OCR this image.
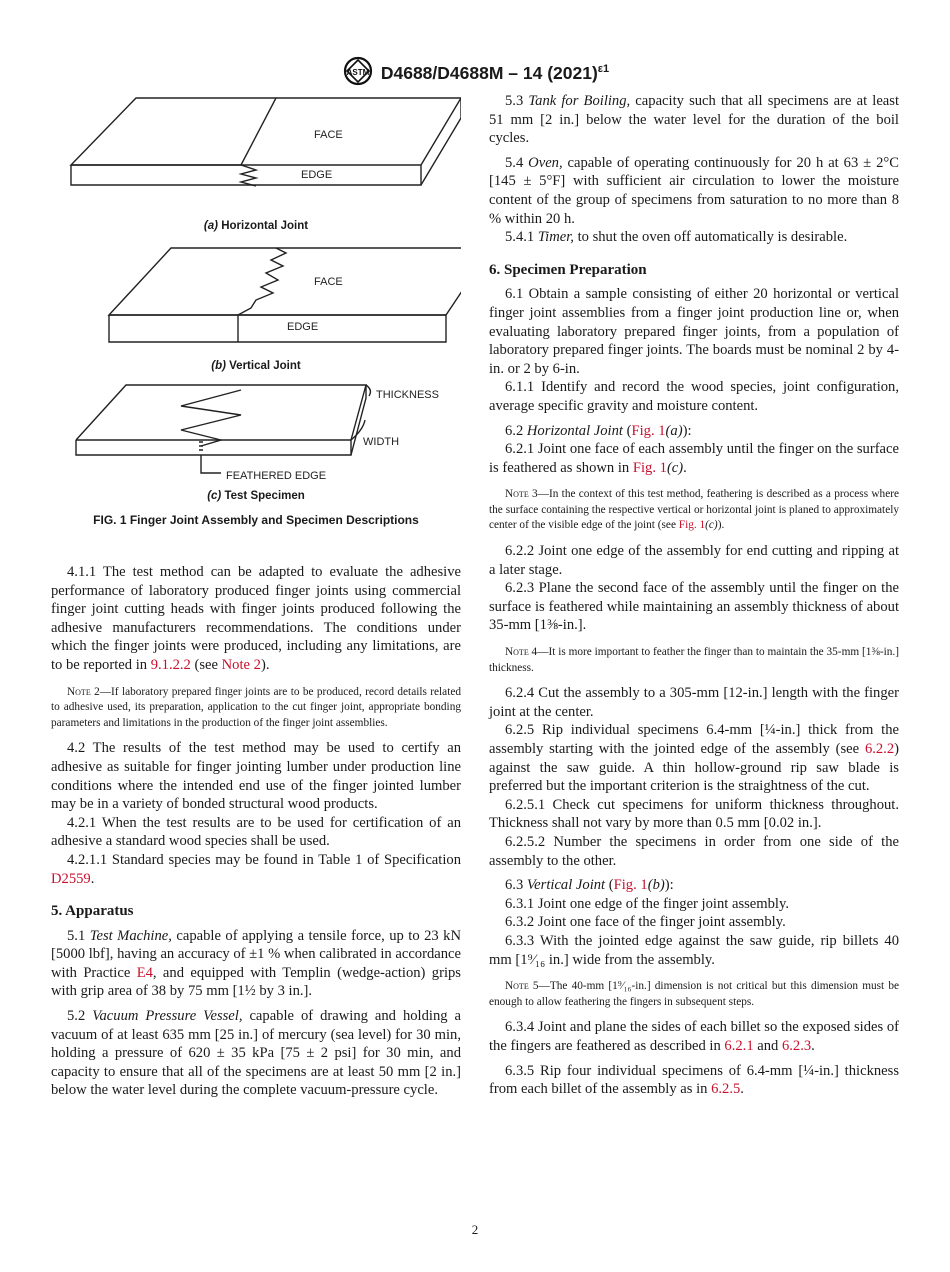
ASTM D4688/D4688M – 14 $(2021)^{\varepsilon 1}$
FACE
EDGE
FACE
EDGE
THICKNESS
WIDTH
FEATHERED EDGE
(a) Horizontal Joint
(b) Vertical Joint
(c) Test Specimen
FIG. 1 Finger Joint Assembly and Specimen Descriptions

4.1.1 The test method can be adapted to evaluate the adhesive performance of laboratory produced finger joints using commercial finger joint cutting heads with finger joints produced following the adhesive manufacturers recommendations. The conditions under which the finger joints were produced, including any limitations, are to be reported in 9.1.2.2 (see Note 2).

Note 2—If laboratory prepared finger joints are to be produced, record details related to adhesive used, its preparation, application to the cut finger joint, appropriate bonding parameters and limitations in the production of the finger joint assemblies.

4.2 The results of the test method may be used to certify an adhesive as suitable for finger jointing lumber under production line conditions where the intended end use of the finger jointed lumber may be in a variety of bonded structural wood products.

4.2.1 When the test results are to be used for certification of an adhesive a standard wood species shall be used.

4.2.1.1 Standard species may be found in Table 1 of Specification D2559.

5. Apparatus

5.1 Test Machine, capable of applying a tensile force, up to 23 kN [5000 lbf], having an accuracy of ±1 % when calibrated in accordance with Practice E4, and equipped with Templin (wedge-action) grips with grip area of 38 by 75 mm [1½ by 3 in.].

5.2 Vacuum Pressure Vessel, capable of drawing and holding a vacuum of at least 635 mm [25 in.] of mercury (sea level) for 30 min, holding a pressure of 620 ± 35 kPa [75 ± 2 psi] for 30 min, and capacity to ensure that all of the specimens are at least 50 mm [2 in.] below the water level during the complete vacuum-pressure cycle.

5.3 Tank for Boiling, capacity such that all specimens are at least 51 mm [2 in.] below the water level for the duration of the boil cycles.

5.4 Oven, capable of operating continuously for 20 h at 63 ± 2°C [145 ± 5°F] with sufficient air circulation to lower the moisture content of the group of specimens from saturation to no more than 8 % within 20 h.

5.4.1 Timer, to shut the oven off automatically is desirable.

6. Specimen Preparation

6.1 Obtain a sample consisting of either 20 horizontal or vertical finger joint assemblies from a finger joint production line or, when evaluating laboratory prepared finger joints, from a population of laboratory prepared finger joints. The boards must be nominal 2 by 4-in. or 2 by 6-in.

6.1.1 Identify and record the wood species, joint configuration, average specific gravity and moisture content.

6.2 Horizontal Joint (Fig. 1(a)):

6.2.1 Joint one face of each assembly until the finger on the surface is feathered as shown in Fig. 1(c).

Note 3—In the context of this test method, feathering is described as a process where the surface containing the respective vertical or horizontal joint is planed to approximately center of the visible edge of the joint (see Fig. 1(c)).

6.2.2 Joint one edge of the assembly for end cutting and ripping at a later stage.

6.2.3 Plane the second face of the assembly until the finger on the surface is feathered while maintaining an assembly thickness of about 35-mm [1⅜-in.].

Note 4—It is more important to feather the finger than to maintain the 35-mm [1⅜-in.] thickness.

6.2.4 Cut the assembly to a 305-mm [12-in.] length with the finger joint at the center.

6.2.5 Rip individual specimens 6.4-mm [¼-in.] thick from the assembly starting with the jointed edge of the assembly (see 6.2.2) against the saw guide. A thin hollow-ground rip saw blade is preferred but the important criterion is the straightness of the cut.

6.2.5.1 Check cut specimens for uniform thickness throughout. Thickness shall not vary by more than 0.5 mm [0.02 in.].

6.2.5.2 Number the specimens in order from one side of the assembly to the other.

6.3 Vertical Joint (Fig. 1(b)):

6.3.1 Joint one edge of the finger joint assembly.

6.3.2 Joint one face of the finger joint assembly.

6.3.3 With the jointed edge against the saw guide, rip billets 40 mm [1⁹⁄₁₆ in.] wide from the assembly.

Note 5—The 40-mm [1⁹⁄₁₆-in.] dimension is not critical but this dimension must be enough to allow feathering the fingers in subsequent steps.

6.3.4 Joint and plane the sides of each billet so the exposed sides of the fingers are feathered as described in 6.2.1 and 6.2.3.

6.3.5 Rip four individual specimens of 6.4-mm [¼-in.] thickness from each billet of the assembly as in 6.2.5.

2
